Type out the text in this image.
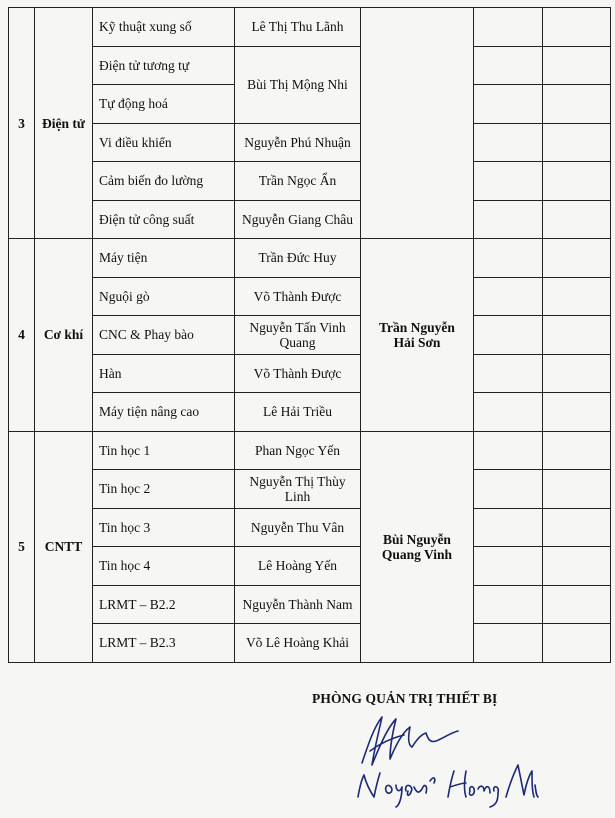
3	Điện tử	Kỹ thuật xung số	Lê Thị Thu Lãnh			
		Điện tử tương tự	Bùi Thị Mộng Nhi			
		Tự động hoá				
		Vi điều khiển	Nguyễn Phú Nhuận			
		Cảm biến đo lường	Trần Ngọc Ẩn			
		Điện tử công suất	Nguyễn Giang Châu			
4	Cơ khí	Máy tiện	Trần Đức Huy	Trần Nguyễn Hải Sơn		
		Nguội gò	Võ Thành Được			
		CNC & Phay bào	Nguyễn Tấn Vinh Quang			
		Hàn	Võ Thành Được			
		Máy tiện nâng cao	Lê Hải Triều			
5	CNTT	Tin học 1	Phan Ngọc Yến	Bùi Nguyễn Quang Vinh		
		Tin học 2	Nguyễn Thị Thùy Linh			
		Tin học 3	Nguyễn Thu Vân			
		Tin học 4	Lê Hoàng Yến			
		LRMT – B2.2	Nguyễn Thành Nam			
		LRMT – B2.3	Võ Lê Hoàng Khải			
PHÒNG QUẢN TRỊ THIẾT BỊ
